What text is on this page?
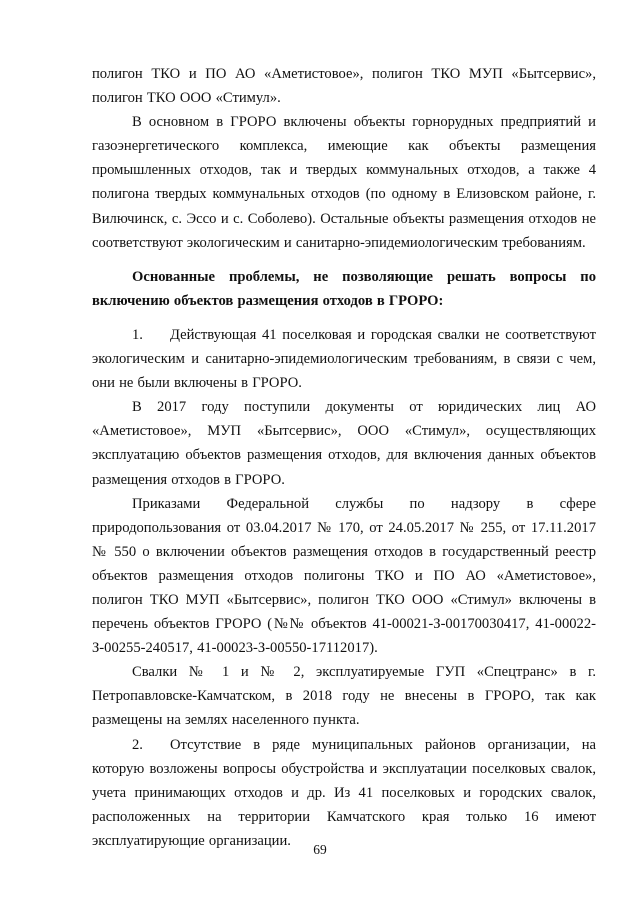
полигон ТКО и ПО АО «Аметистовое», полигон ТКО МУП «Бытсервис», полигон ТКО ООО «Стимул».

В основном в ГРОРО включены объекты горнорудных предприятий и газоэнергетического комплекса, имеющие как объекты размещения промышленных отходов, так и твердых коммунальных отходов, а также 4 полигона твердых коммунальных отходов (по одному в Елизовском районе, г. Вилючинск, с. Эссо и с. Соболево). Остальные объекты размещения отходов не соответствуют экологическим и санитарно-эпидемиологическим требованиям.

Основанные проблемы, не позволяющие решать вопросы по включению объектов размещения отходов в ГРОРО:

1. Действующая 41 поселковая и городская свалки не соответствуют экологическим и санитарно-эпидемиологическим требованиям, в связи с чем, они не были включены в ГРОРО.

В 2017 году поступили документы от юридических лиц АО «Аметистовое», МУП «Бытсервис», ООО «Стимул», осуществляющих эксплуатацию объектов размещения отходов, для включения данных объектов размещения отходов в ГРОРО.

Приказами Федеральной службы по надзору в сфере природопользования от 03.04.2017 № 170, от 24.05.2017 № 255, от 17.11.2017 № 550 о включении объектов размещения отходов в государственный реестр объектов размещения отходов полигоны ТКО и ПО АО «Аметистовое», полигон ТКО МУП «Бытсервис», полигон ТКО ООО «Стимул» включены в перечень объектов ГРОРО (№№ объектов 41-00021-З-00170030417, 41-00022-З-00255-240517, 41-00023-З-00550-17112017).

Свалки № 1 и № 2, эксплуатируемые ГУП «Спецтранс» в г. Петропавловске-Камчатском, в 2018 году не внесены в ГРОРО, так как размещены на землях населенного пункта.

2. Отсутствие в ряде муниципальных районов организации, на которую возложены вопросы обустройства и эксплуатации поселковых свалок, учета принимающих отходов и др. Из 41 поселковых и городских свалок, расположенных на территории Камчатского края только 16 имеют эксплуатирующие организации.

69
